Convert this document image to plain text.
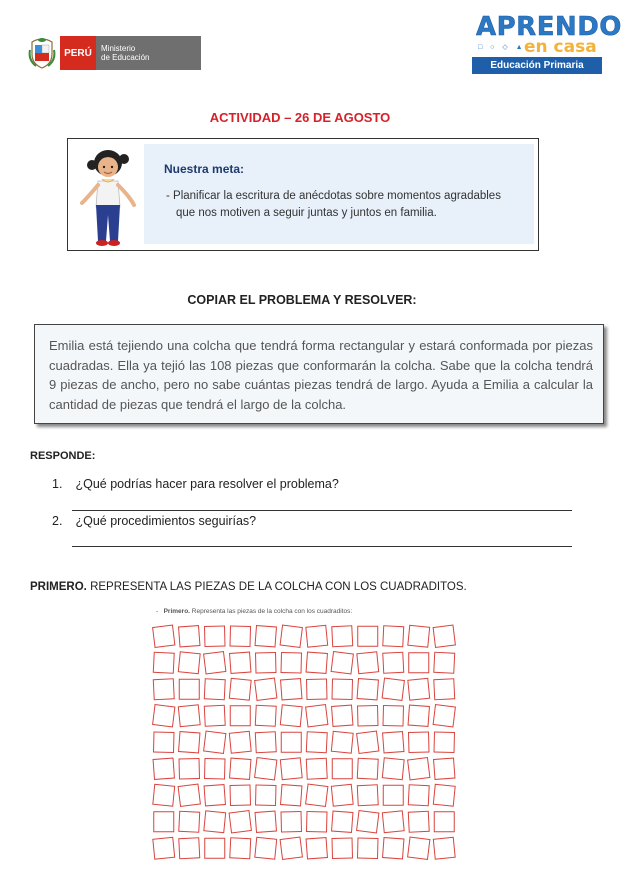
PERÚ	Ministerio
de Educación
APRENDO
□ ○ ◇ ▲
en casa
Educación Primaria
ACTIVIDAD – 26 DE AGOSTO
Nuestra meta:
- Planificar la escritura de anécdotas sobre momentos agradables que nos motiven a seguir juntas y juntos en familia.
COPIAR EL PROBLEMA Y RESOLVER:
Emilia está tejiendo una colcha que tendrá forma rectangular y estará conformada por piezas cuadradas. Ella ya tejió las 108 piezas que conformarán la colcha. Sabe que la colcha tendrá 9 piezas de ancho, pero no sabe cuántas piezas tendrá de largo. Ayuda a Emilia a calcular la cantidad de piezas que tendrá el largo de la colcha.
RESPONDE:
1. ¿Qué podrías hacer para resolver el problema?
2. ¿Qué procedimientos seguirías?
PRIMERO. REPRESENTA LAS PIEZAS DE LA COLCHA CON LOS CUADRADITOS.
- Primero. Representa las piezas de la colcha con los cuadraditos:
